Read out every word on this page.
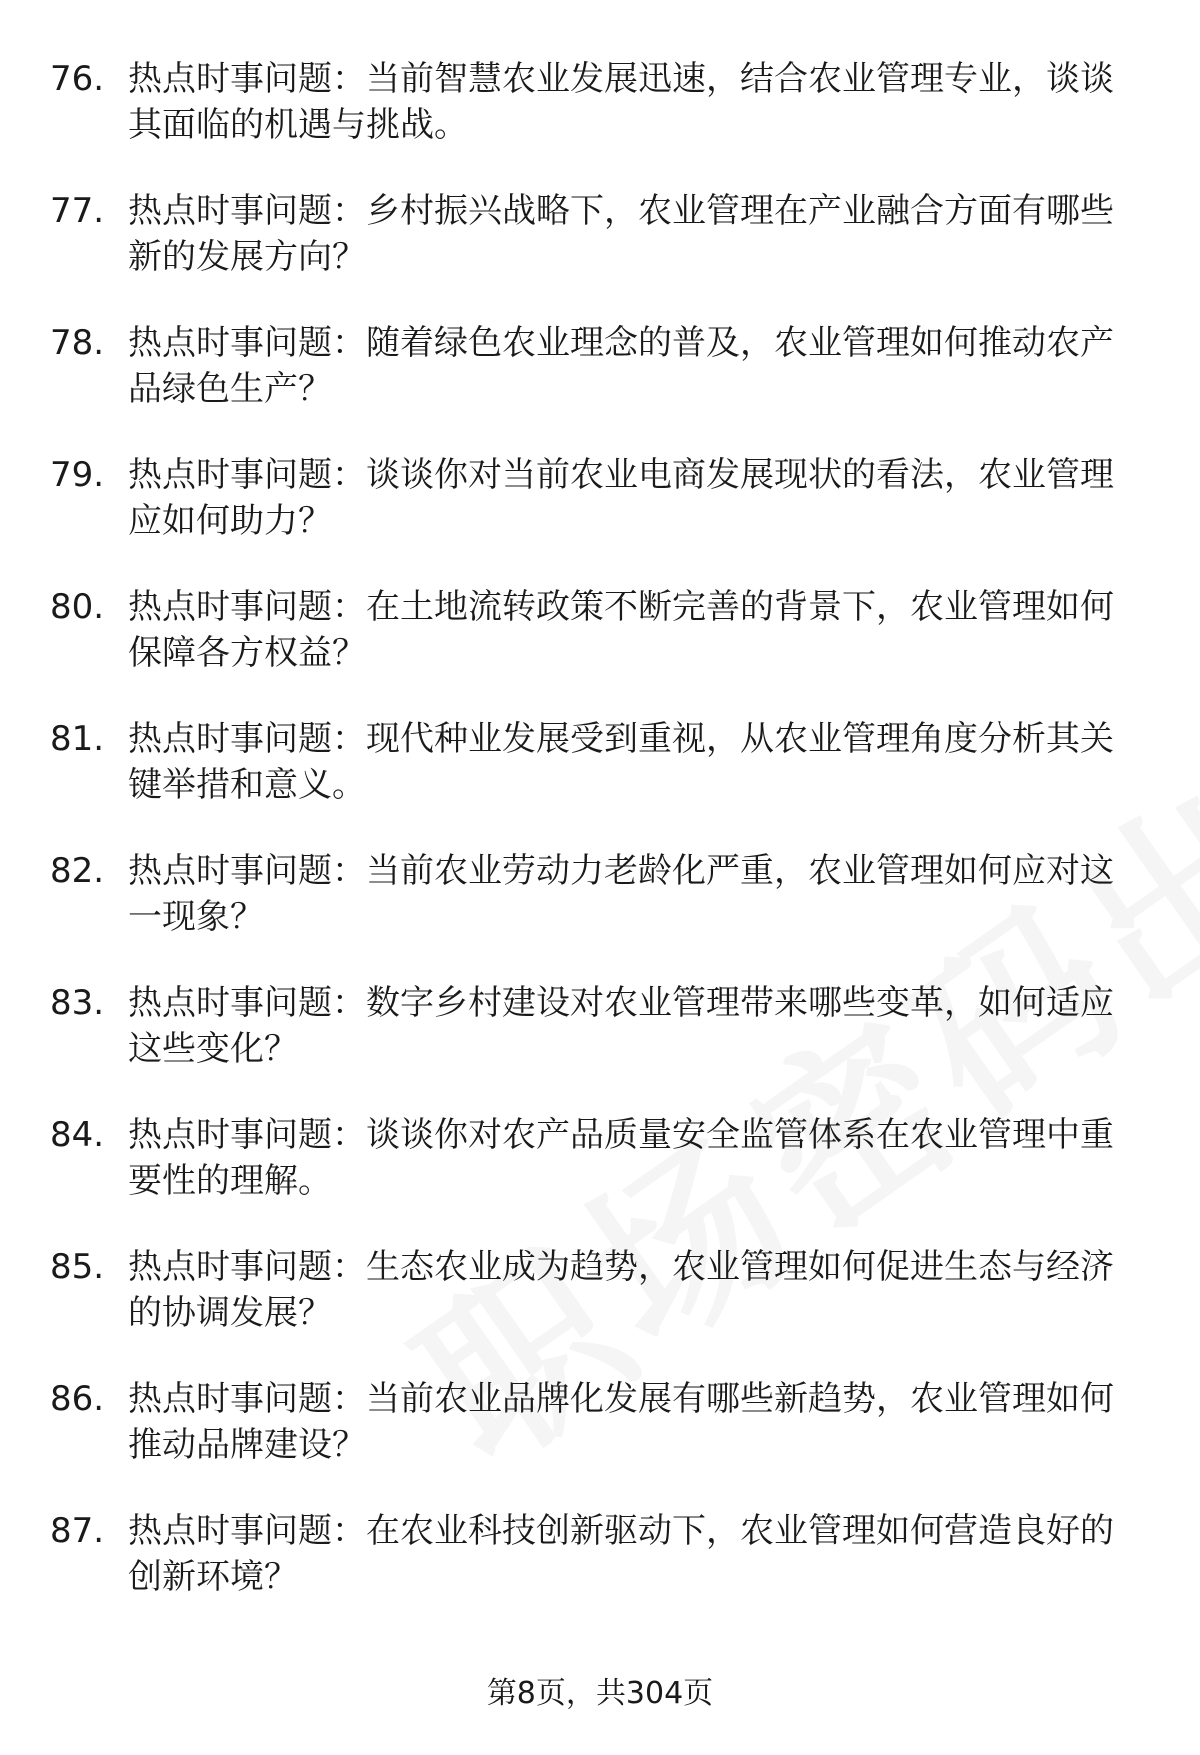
76. 热点时事问题：当前智慧农业发展迅速，结合农业管理专业，谈谈其面临的机遇与挑战。
77. 热点时事问题：乡村振兴战略下，农业管理在产业融合方面有哪些新的发展方向？
78. 热点时事问题：随着绿色农业理念的普及，农业管理如何推动农产品绿色生产？
79. 热点时事问题：谈谈你对当前农业电商发展现状的看法，农业管理应如何助力？
80. 热点时事问题：在土地流转政策不断完善的背景下，农业管理如何保障各方权益？
81. 热点时事问题：现代种业发展受到重视，从农业管理角度分析其关键举措和意义。
82. 热点时事问题：当前农业劳动力老龄化严重，农业管理如何应对这一现象？
83. 热点时事问题：数字乡村建设对农业管理带来哪些变革，如何适应这些变化？
84. 热点时事问题：谈谈你对农产品质量安全监管体系在农业管理中重要性的理解。
85. 热点时事问题：生态农业成为趋势，农业管理如何促进生态与经济的协调发展？
86. 热点时事问题：当前农业品牌化发展有哪些新趋势，农业管理如何推动品牌建设？
87. 热点时事问题：在农业科技创新驱动下，农业管理如何营造良好的创新环境？
第8页，共304页
